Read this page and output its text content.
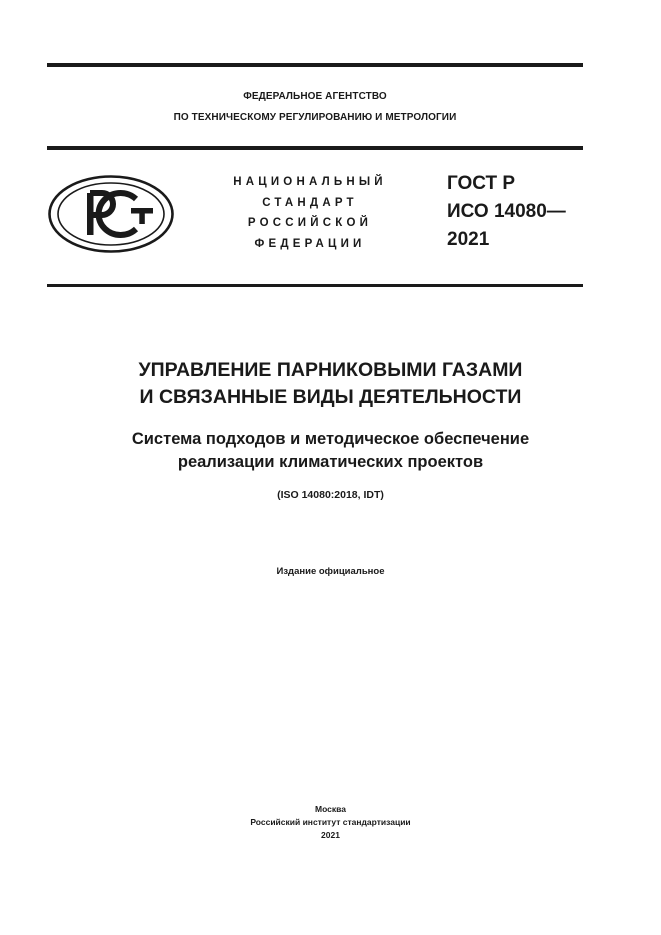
ФЕДЕРАЛЬНОЕ АГЕНТСТВО
ПО ТЕХНИЧЕСКОМУ РЕГУЛИРОВАНИЮ И МЕТРОЛОГИИ
НАЦИОНАЛЬНЫЙ
СТАНДАРТ
РОССИЙСКОЙ
ФЕДЕРАЦИИ
ГОСТ Р
ИСО 14080—
2021
УПРАВЛЕНИЕ ПАРНИКОВЫМИ ГАЗАМИ
И СВЯЗАННЫЕ ВИДЫ ДЕЯТЕЛЬНОСТИ
Система подходов и методическое обеспечение
реализации климатических проектов
(ISO 14080:2018, IDT)
Издание официальное
Москва
Российский институт стандартизации
2021
